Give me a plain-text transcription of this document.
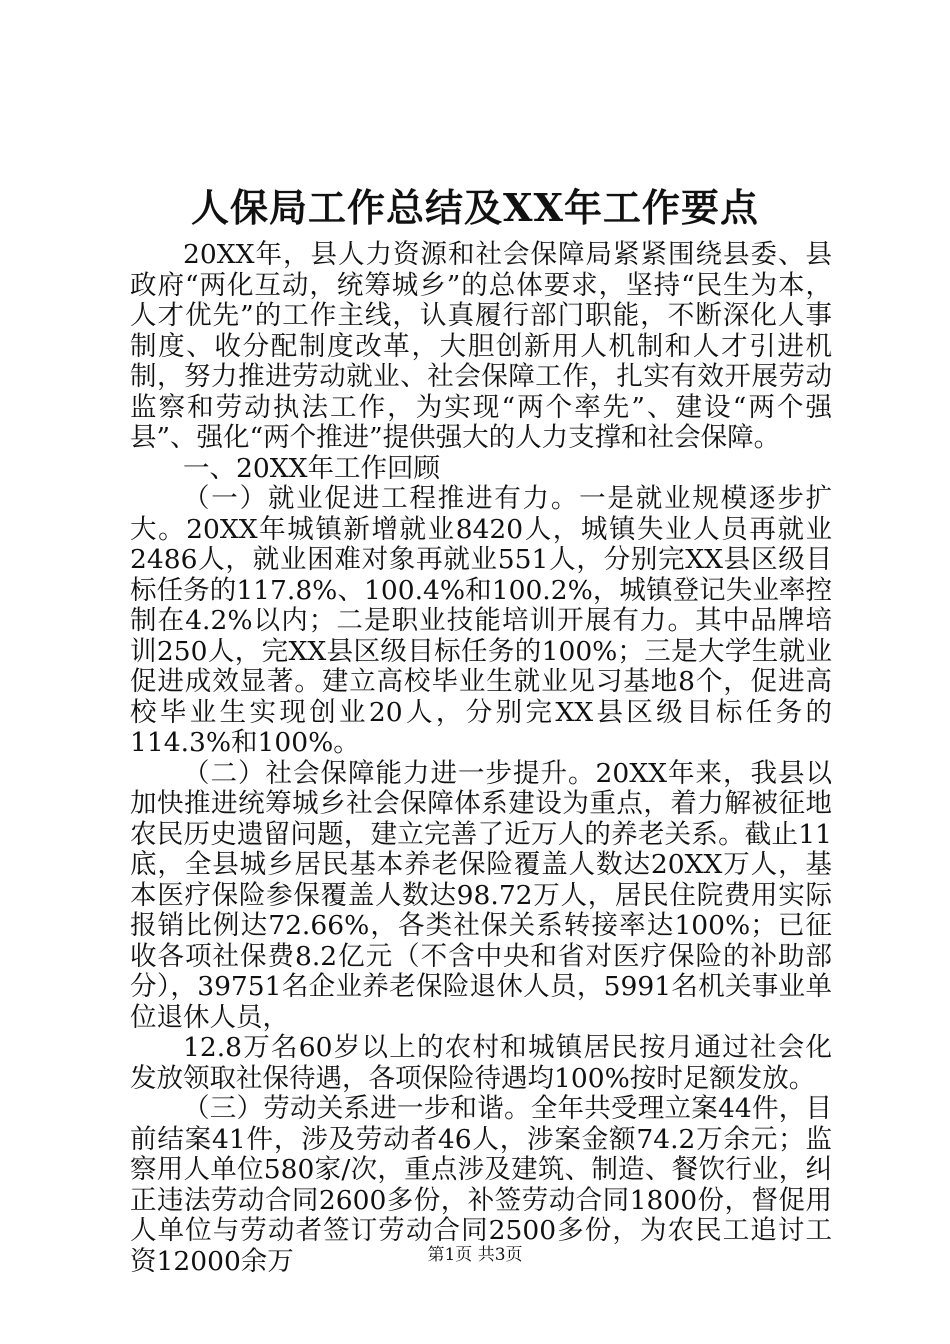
人保局工作总结及XX年工作要点

20XX年，县人力资源和社会保障局紧紧围绕县委、县政府“两化互动，统筹城乡”的总体要求，坚持“民生为本，人才优先”的工作主线，认真履行部门职能，不断深化人事制度、收分配制度改革，大胆创新用人机制和人才引进机制，努力推进劳动就业、社会保障工作，扎实有效开展劳动监察和劳动执法工作，为实现“两个率先”、建设“两个强县”、强化“两个推进”提供强大的人力支撑和社会保障。

一、20XX年工作回顾

（一）就业促进工程推进有力。一是就业规模逐步扩大。20XX年城镇新增就业8420人，城镇失业人员再就业2486人，就业困难对象再就业551人，分别完XX县区级目标任务的117.8%、100.4%和100.2%，城镇登记失业率控制在4.2%以内；二是职业技能培训开展有力。其中品牌培训250人，完XX县区级目标任务的100%；三是大学生就业促进成效显著。建立高校毕业生就业见习基地8个，促进高校毕业生实现创业20人，分别完XX县区级目标任务的114.3%和100%。

（二）社会保障能力进一步提升。20XX年来，我县以加快推进统筹城乡社会保障体系建设为重点，着力解被征地农民历史遗留问题，建立完善了近万人的养老关系。截止11底，全县城乡居民基本养老保险覆盖人数达20XX万人，基本医疗保险参保覆盖人数达98.72万人，居民住院费用实际报销比例达72.66%，各类社保关系转接率达100%；已征收各项社保费8.2亿元（不含中央和省对医疗保险的补助部分），39751名企业养老保险退休人员，5991名机关事业单位退休人员，

12.8万名60岁以上的农村和城镇居民按月通过社会化发放领取社保待遇，各项保险待遇均100%按时足额发放。

（三）劳动关系进一步和谐。全年共受理立案44件，目前结案41件，涉及劳动者46人，涉案金额74.2万余元；监察用人单位580家/次，重点涉及建筑、制造、餐饮行业，纠正违法劳动合同2600多份，补签劳动合同1800份，督促用人单位与劳动者签订劳动合同2500多份，为农民工追讨工资12000余万	第1页 共3页
